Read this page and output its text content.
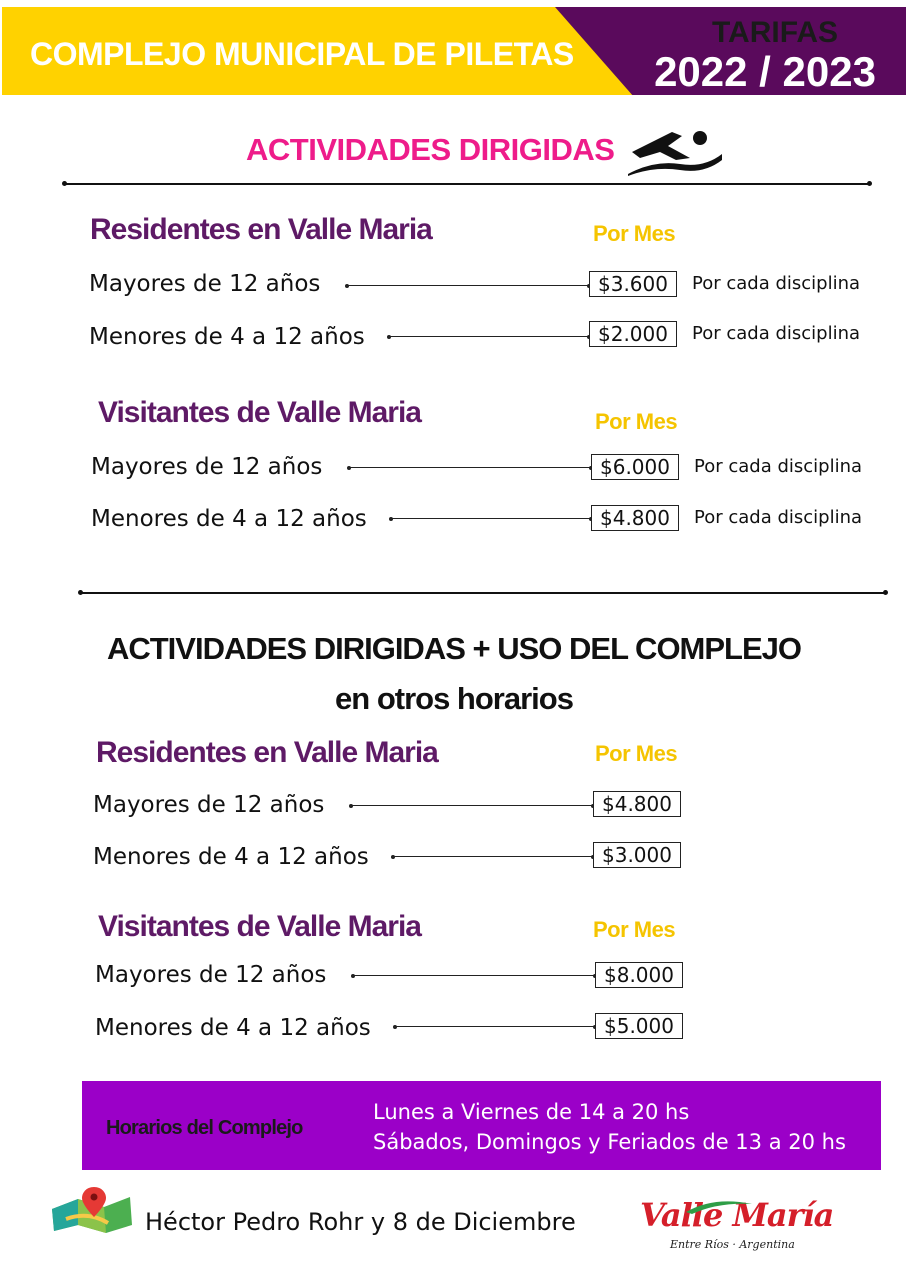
COMPLEJO MUNICIPAL DE PILETAS
TARIFAS
2022 / 2023
ACTIVIDADES DIRIGIDAS
Residentes en Valle Maria	Por Mes
Mayores de 12 años	$3.600	Por cada disciplina
Menores de 4 a 12 años	$2.000	Por cada disciplina
Visitantes de Valle Maria	Por Mes
Mayores de 12 años	$6.000	Por cada disciplina
Menores de 4 a 12 años	$4.800	Por cada disciplina
ACTIVIDADES DIRIGIDAS + USO DEL COMPLEJO
en otros horarios
Residentes en Valle Maria	Por Mes
Mayores de 12 años	$4.800
Menores de 4 a 12 años	$3.000
Visitantes de Valle Maria	Por Mes
Mayores de 12 años	$8.000
Menores de 4 a 12 años	$5.000
Horarios del Complejo
Lunes a Viernes de 14 a 20 hs
Sábados, Domingos y Feriados de 13 a 20 hs
Héctor Pedro Rohr y 8 de Diciembre Valle María
Entre Ríos · Argentina
